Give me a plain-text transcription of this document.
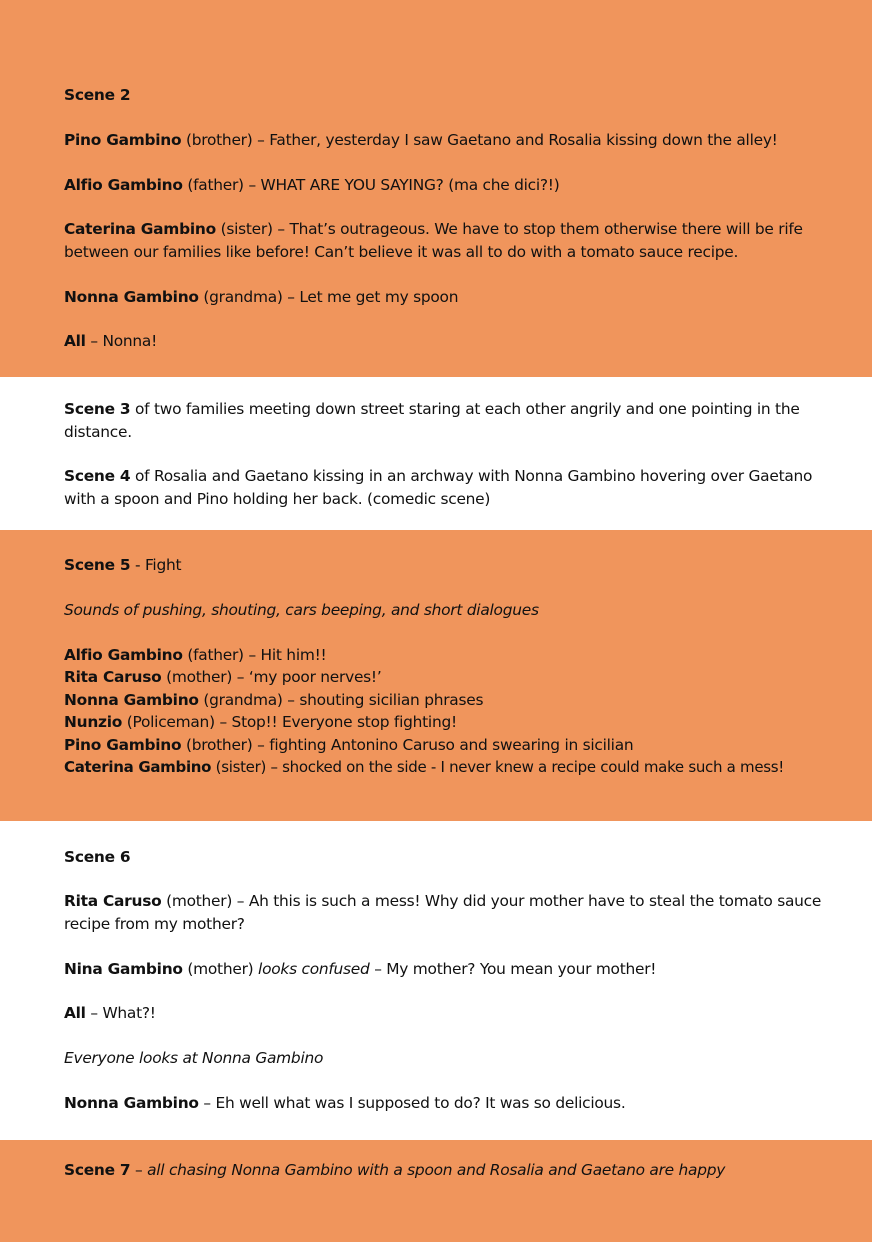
Scene 2
Pino Gambino (brother) – Father, yesterday I saw Gaetano and Rosalia kissing down the alley!
Alfio Gambino (father) – WHAT ARE YOU SAYING? (ma che dici?!)
Caterina Gambino (sister) – That’s outrageous. We have to stop them otherwise there will be rife between our families like before! Can’t believe it was all to do with a tomato sauce recipe.
Nonna Gambino (grandma) – Let me get my spoon
All – Nonna!
Scene 3 of two families meeting down street staring at each other angrily and one pointing in the distance.
Scene 4 of Rosalia and Gaetano kissing in an archway with Nonna Gambino hovering over Gaetano with a spoon and Pino holding her back. (comedic scene)
Scene 5 - Fight
Sounds of pushing, shouting, cars beeping, and short dialogues
Alfio Gambino (father) – Hit him!!
Rita Caruso (mother) – ‘my poor nerves!’
Nonna Gambino (grandma) – shouting sicilian phrases
Nunzio (Policeman) – Stop!! Everyone stop fighting!
Pino Gambino (brother) – fighting Antonino Caruso and swearing in sicilian
Caterina Gambino (sister) – shocked on the side - I never knew a recipe could make such a mess!
Scene 6
Rita Caruso (mother) – Ah this is such a mess! Why did your mother have to steal the tomato sauce recipe from my mother?
Nina Gambino (mother) looks confused – My mother? You mean your mother!
All – What?!
Everyone looks at Nonna Gambino
Nonna Gambino – Eh well what was I supposed to do? It was so delicious.
Scene 7 – all chasing Nonna Gambino with a spoon and Rosalia and Gaetano are happy
